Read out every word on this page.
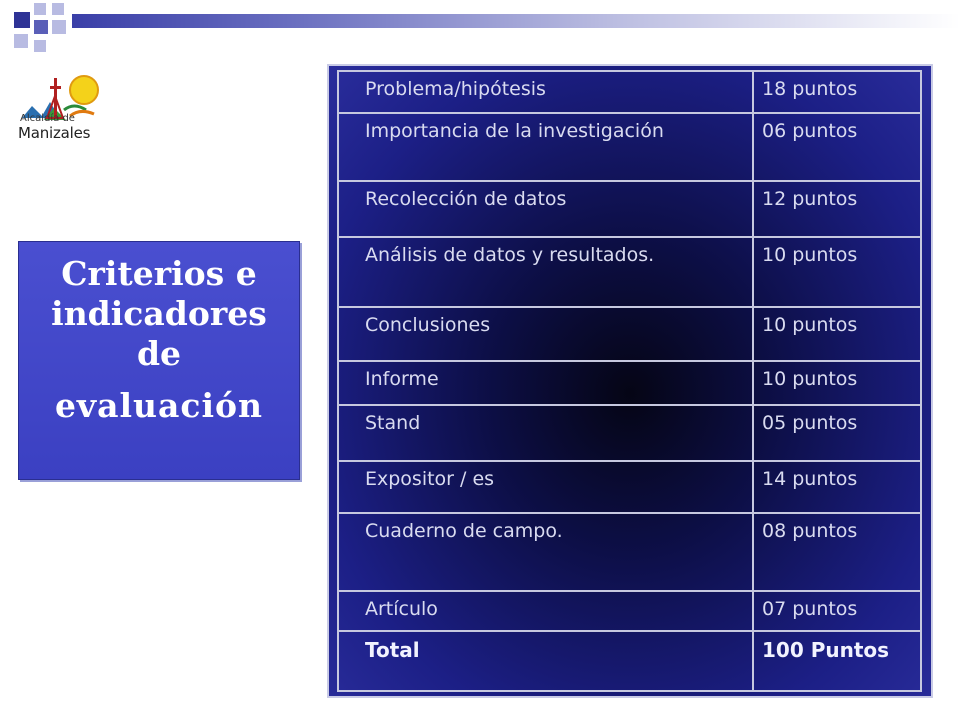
Alcaldía de
Manizales
Criterios e
indicadores
de
evaluación
Problema/hipótesis	18 puntos
Importancia de la investigación	06 puntos
Recolección de datos	12 puntos
Análisis de datos y resultados.	10 puntos
Conclusiones	10 puntos
Informe	10 puntos
Stand	05 puntos
Expositor / es	14 puntos
Cuaderno de campo.	08 puntos
Artículo	07 puntos
Total	100 Puntos
